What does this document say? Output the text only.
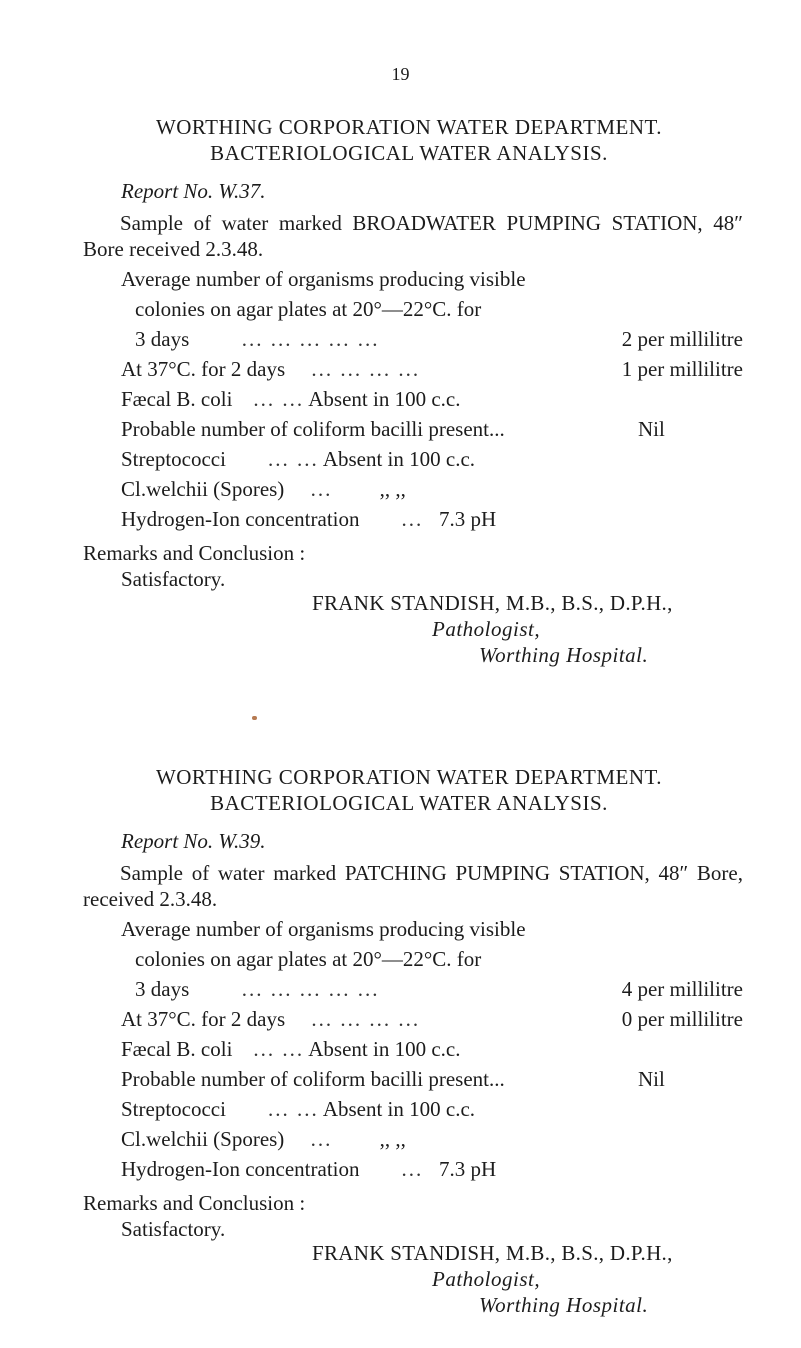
19
WORTHING CORPORATION WATER DEPARTMENT.
BACTERIOLOGICAL WATER ANALYSIS.
Report No. W.37.
Sample of water marked BROADWATER PUMPING STATION, 48″ Bore received 2.3.48.
Average number of organisms producing visible
colonies on agar plates at 20°—22°C. for
3 days	... ... ... ... ...	2 per millilitre
At 37°C. for 2 days ... ... ... ...	1 per millilitre
Fæcal B. coli ... ... Absent in 100 c.c.
Probable number of coliform bacilli present...	Nil
Streptococci ... ... Absent in 100 c.c.
Cl.welchii (Spores) ... ,, ,,
Hydrogen-Ion concentration ... 7.3 pH
Remarks and Conclusion :
Satisfactory.
FRANK STANDISH, M.B., B.S., D.P.H.,
Pathologist,
Worthing Hospital.
WORTHING CORPORATION WATER DEPARTMENT.
BACTERIOLOGICAL WATER ANALYSIS.
Report No. W.39.
Sample of water marked PATCHING PUMPING STATION, 48″ Bore, received 2.3.48.
Average number of organisms producing visible
colonies on agar plates at 20°—22°C. for
3 days	... ... ... ... ...	4 per millilitre
At 37°C. for 2 days ... ... ... ...	0 per millilitre
Fæcal B. coli ... ... Absent in 100 c.c.
Probable number of coliform bacilli present...	Nil
Streptococci ... ... Absent in 100 c.c.
Cl.welchii (Spores) ... ,, ,,
Hydrogen-Ion concentration ... 7.3 pH
Remarks and Conclusion :
Satisfactory.
FRANK STANDISH, M.B., B.S., D.P.H.,
Pathologist,
Worthing Hospital.
